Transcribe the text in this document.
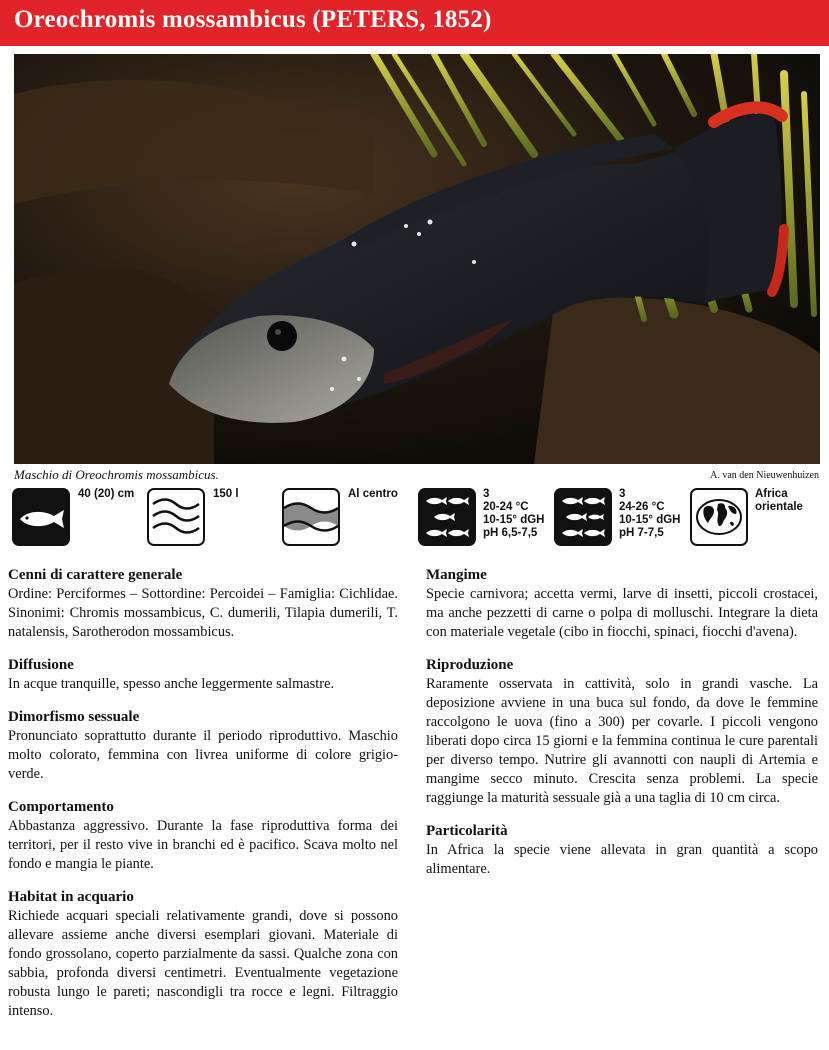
Oreochromis mossambicus (PETERS, 1852)
Maschio di Oreochromis mossambicus.	A. van den Nieuwenhuizen
40 (20) cm	150 l	Al centro	3
20-24 °C
10-15° dGH
pH 6,5-7,5
3
24-26 °C
10-15° dGH
pH 7-7,5
Africa
orientale
Cenni di carattere generale

Ordine: Perciformes – Sottordine: Percoidei – Famiglia: Cichlidae. Sinonimi: Chromis mossambicus, C. dumerili, Tilapia dumerili, T. natalensis, Sarotherodon mossambicus.

Diffusione

In acque tranquille, spesso anche leggermente salmastre.

Dimorfismo sessuale

Pronunciato soprattutto durante il periodo riproduttivo. Maschio molto colorato, femmina con livrea uniforme di colore grigio-verde.

Comportamento

Abbastanza aggressivo. Durante la fase riproduttiva forma dei territori, per il resto vive in branchi ed è pacifico. Scava molto nel fondo e mangia le piante.

Habitat in acquario

Richiede acquari speciali relativamente grandi, dove si possono allevare assieme anche diversi esemplari giovani. Materiale di fondo grossolano, coperto parzialmente da sassi. Qualche zona con sabbia, profonda diversi centimetri. Eventualmente vegetazione robusta lungo le pareti; nascondigli tra rocce e legni. Filtraggio intenso.

Mangime

Specie carnivora; accetta vermi, larve di insetti, piccoli crostacei, ma anche pezzetti di carne o polpa di molluschi. Integrare la dieta con materiale vegetale (cibo in fiocchi, spinaci, fiocchi d'avena).

Riproduzione

Raramente osservata in cattività, solo in grandi vasche. La deposizione avviene in una buca sul fondo, da dove le femmine raccolgono le uova (fino a 300) per covarle. I piccoli vengono liberati dopo circa 15 giorni e la femmina continua le cure parentali per diverso tempo. Nutrire gli avannotti con naupli di Artemia e mangime secco minuto. Crescita senza problemi. La specie raggiunge la maturità sessuale già a una taglia di 10 cm circa.

Particolarità

In Africa la specie viene allevata in gran quantità a scopo alimentare.
